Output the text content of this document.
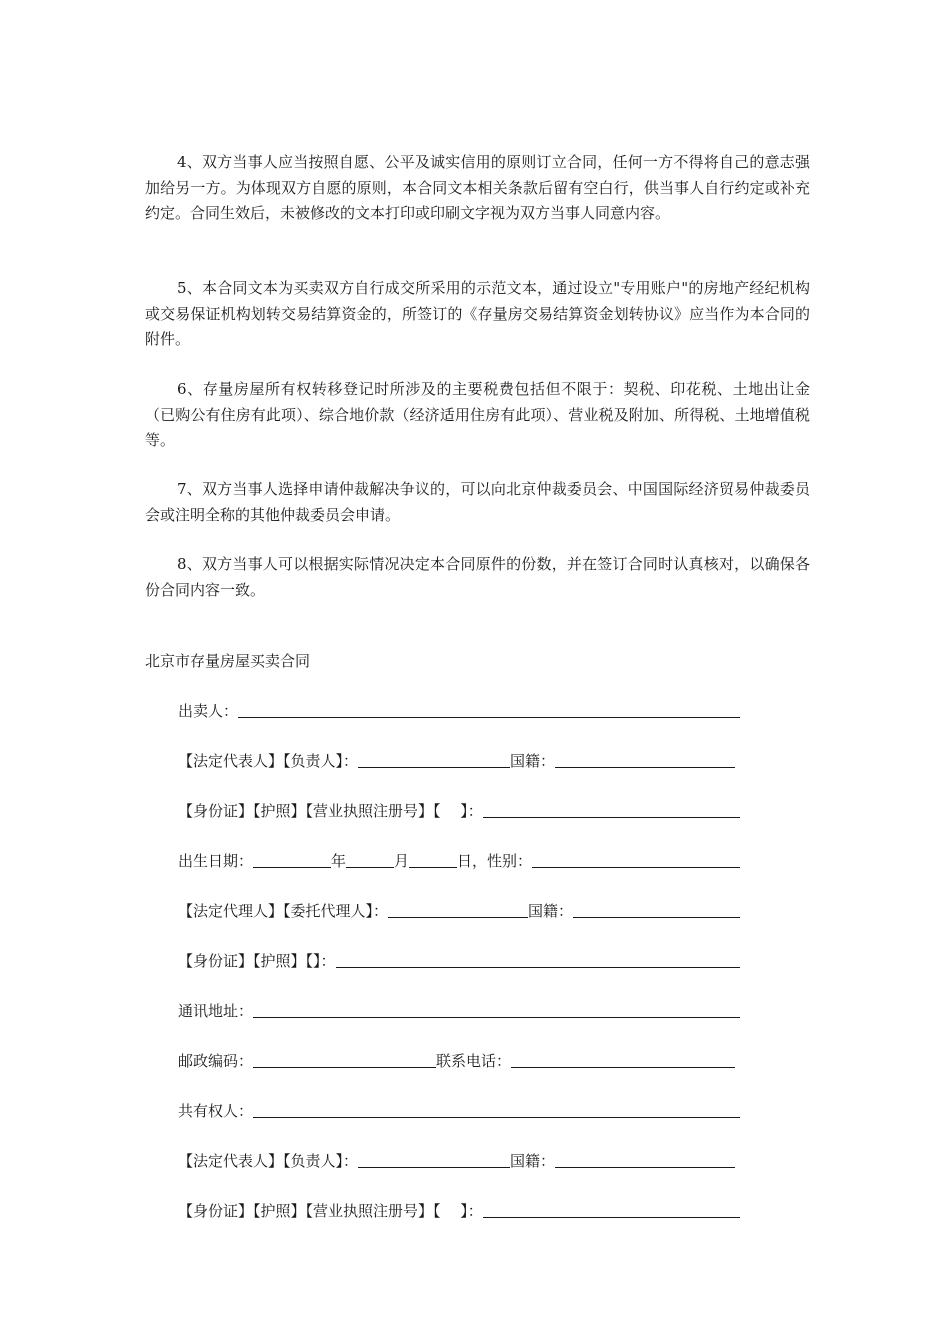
4、双方当事人应当按照自愿、公平及诚实信用的原则订立合同，任何一方不得将自己的意志强加给另一方。为体现双方自愿的原则，本合同文本相关条款后留有空白行，供当事人自行约定或补充约定。合同生效后，未被修改的文本打印或印刷文字视为双方当事人同意内容。

5、本合同文本为买卖双方自行成交所采用的示范文本，通过设立"专用账户"的房地产经纪机构或交易保证机构划转交易结算资金的，所签订的《存量房交易结算资金划转协议》应当作为本合同的附件。

6、存量房屋所有权转移登记时所涉及的主要税费包括但不限于：契税、印花税、土地出让金（已购公有住房有此项）、综合地价款（经济适用住房有此项）、营业税及附加、所得税、土地增值税等。

7、双方当事人选择申请仲裁解决争议的，可以向北京仲裁委员会、中国国际经济贸易仲裁委员会或注明全称的其他仲裁委员会申请。

8、双方当事人可以根据实际情况决定本合同原件的份数，并在签订合同时认真核对，以确保各份合同内容一致。

北京市存量房屋买卖合同

出卖人：
【法定代表人】【负责人】：	国籍：
【身份证】【护照】【营业执照注册号】【　 】：
出生日期：	年	月	日，性别：
【法定代理人】【委托代理人】：	国籍：
【身份证】【护照】【】：
通讯地址：
邮政编码：	联系电话：
共有权人：
【法定代表人】【负责人】：	国籍：
【身份证】【护照】【营业执照注册号】【　 】：
